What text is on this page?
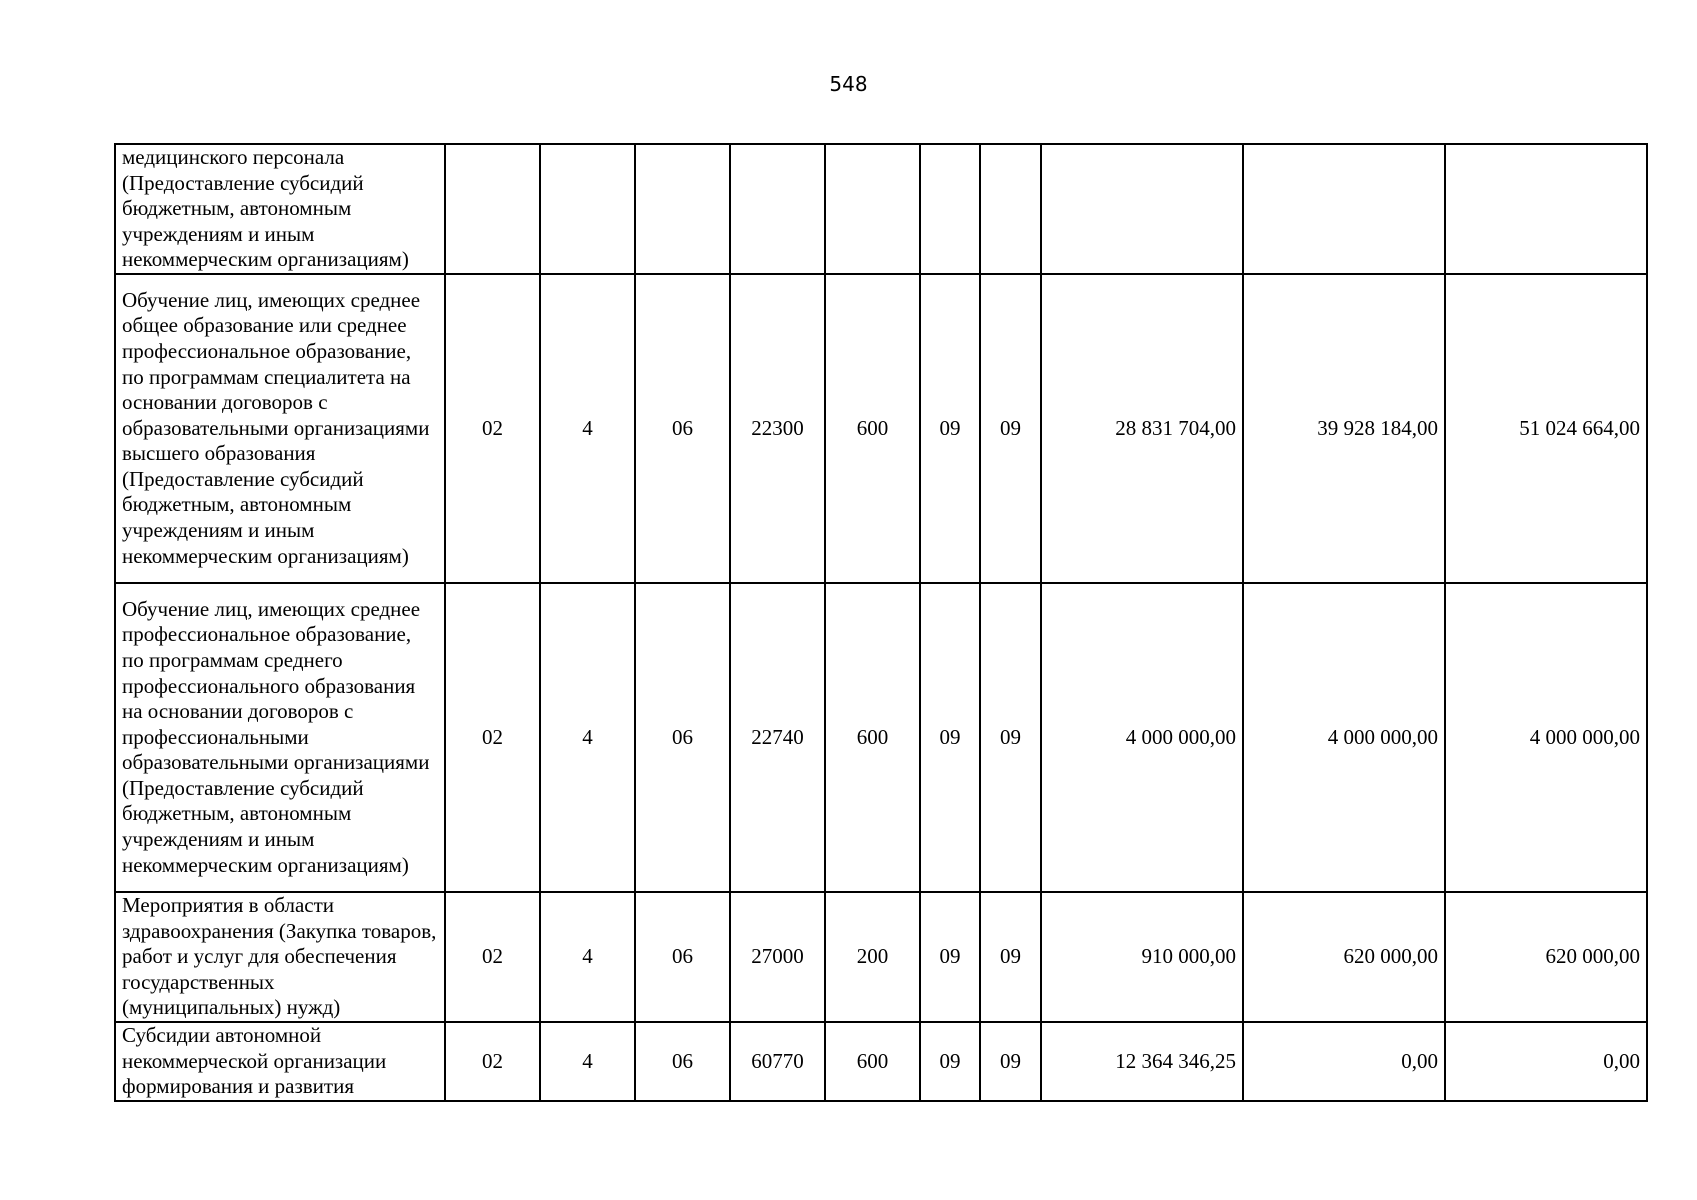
548
медицинского персонала (Предоставление субсидий бюджетным, автономным учреждениям и иным некоммерческим организациям)										
Обучение лиц, имеющих среднее общее образование или среднее профессиональное образование, по программам специалитета на основании договоров с образовательными организациями высшего образования (Предоставление субсидий бюджетным, автономным учреждениям и иным некоммерческим организациям)	02	4	06	22300	600	09	09	28 831 704,00	39 928 184,00	51 024 664,00
Обучение лиц, имеющих среднее профессиональное образование, по программам среднего профессионального образования на основании договоров с профессиональными образовательными организациями (Предоставление субсидий бюджетным, автономным учреждениям и иным некоммерческим организациям)	02	4	06	22740	600	09	09	4 000 000,00	4 000 000,00	4 000 000,00
Мероприятия в области здравоохранения (Закупка товаров, работ и услуг для обеспечения государственных (муниципальных) нужд)	02	4	06	27000	200	09	09	910 000,00	620 000,00	620 000,00
Субсидии автономной некоммерческой организации формирования и развития	02	4	06	60770	600	09	09	12 364 346,25	0,00	0,00
